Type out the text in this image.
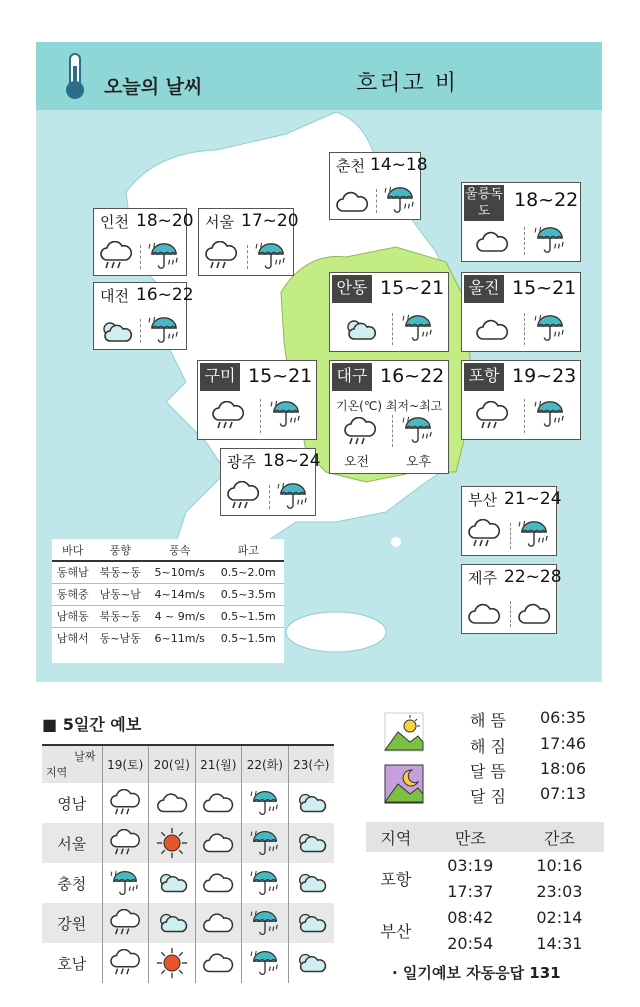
오늘의 날씨	흐리고 비
춘천 14~18
울릉독도
18~22
인천 18~20 서울 17~20
대전 16~22	안동 15~21 울진 15~21
구미 15~21 대구 16~22
기온(℃) 최저~최고
오전	오후
포항 19~23
광주 18~24
부산 21~24
제주 22~28
바다	풍향	풍속	파고
동해남	북동~동	5~10m/s	0.5~2.0m
동해중	남동~남	4~14m/s	0.5~3.5m
남해동	북동~동	4 ~ 9m/s	0.5~1.5m
남해서	동~남동	6~11m/s	0.5~1.5m
■ 5일간 예보
날짜
지역	19(토)	20(일)	21(월)	22(화)	23(수)
영남					
서울					
충청					
강원					
호남					
해 뜸 06:35
해 짐 17:46
달 뜸 18:06
달 짐 07:13
지역	만조	간조
포항	03:19	10:16
	17:37	23:03
부산	08:42	02:14
	20:54	14:31
· 일기예보 자동응답 131
